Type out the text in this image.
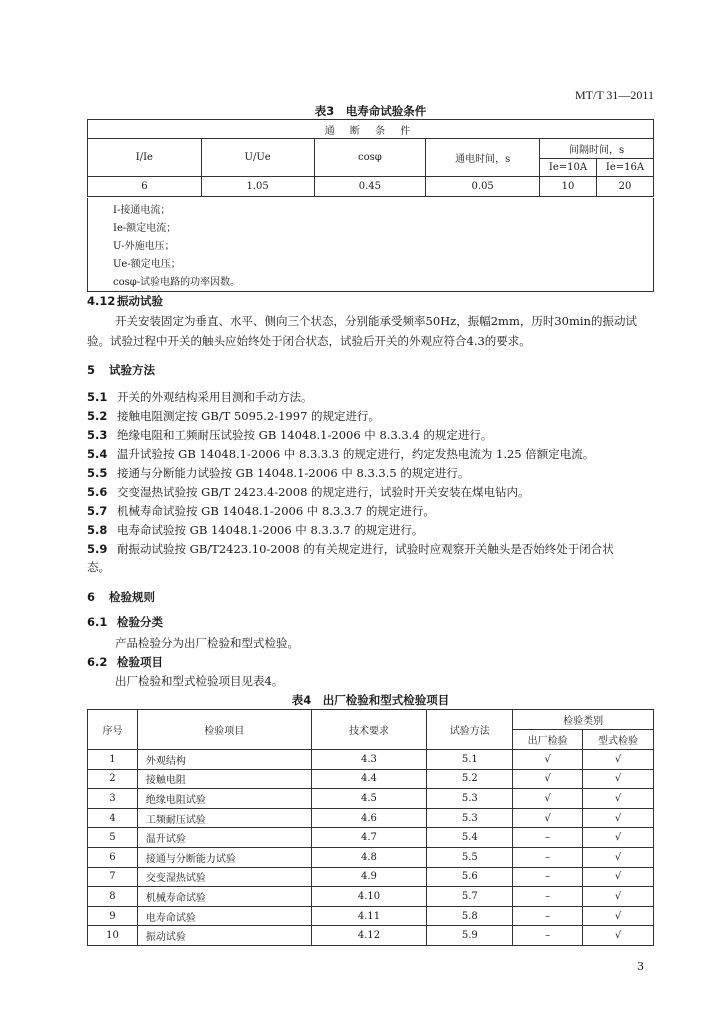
MT/T 31—2011
表3　电寿命试验条件
通 断 条 件					
I/Ie	U/Ue	cosφ	通电时间，s	间隔时间，s	
				Ie=10A	Ie=16A
6	1.05	0.45	0.05	10	20
I-接通电流；
Ie-额定电流；
U-外施电压；
Ue-额定电压；
cosφ-试验电路的功率因数。
4.12 振动试验
开关安装固定为垂直、水平、侧向三个状态，分别能承受频率50Hz，振幅2mm，历时30min的振动试
验。试验过程中开关的触头应始终处于闭合状态，试验后开关的外观应符合4.3的要求。
5 试验方法
5.1 开关的外观结构采用目测和手动方法。
5.2 接触电阻测定按 GB/T 5095.2-1997 的规定进行。
5.3 绝缘电阻和工频耐压试验按 GB 14048.1-2006 中 8.3.3.4 的规定进行。
5.4 温升试验按 GB 14048.1-2006 中 8.3.3.3 的规定进行，约定发热电流为 1.25 倍额定电流。
5.5 接通与分断能力试验按 GB 14048.1-2006 中 8.3.3.5 的规定进行。
5.6 交变湿热试验按 GB/T 2423.4-2008 的规定进行，试验时开关安装在煤电钻内。
5.7 机械寿命试验按 GB 14048.1-2006 中 8.3.3.7 的规定进行。
5.8 电寿命试验按 GB 14048.1-2006 中 8.3.3.7 的规定进行。
5.9 耐振动试验按 GB/T2423.10-2008 的有关规定进行，试验时应观察开关触头是否始终处于闭合状
态。
6 检验规则
6.1 检验分类
产品检验分为出厂检验和型式检验。
6.2 检验项目
出厂检验和型式检验项目见表4。
表4　出厂检验和型式检验项目
序号	检验项目	技术要求	试验方法	检验类别	
				出厂检验	型式检验
1	外观结构	4.3	5.1	√	√
2	接触电阻	4.4	5.2	√	√
3	绝缘电阻试验	4.5	5.3	√	√
4	工频耐压试验	4.6	5.3	√	√
5	温升试验	4.7	5.4	–	√
6	接通与分断能力试验	4.8	5.5	–	√
7	交变湿热试验	4.9	5.6	–	√
8	机械寿命试验	4.10	5.7	–	√
9	电寿命试验	4.11	5.8	–	√
10	振动试验	4.12	5.9	–	√
3
